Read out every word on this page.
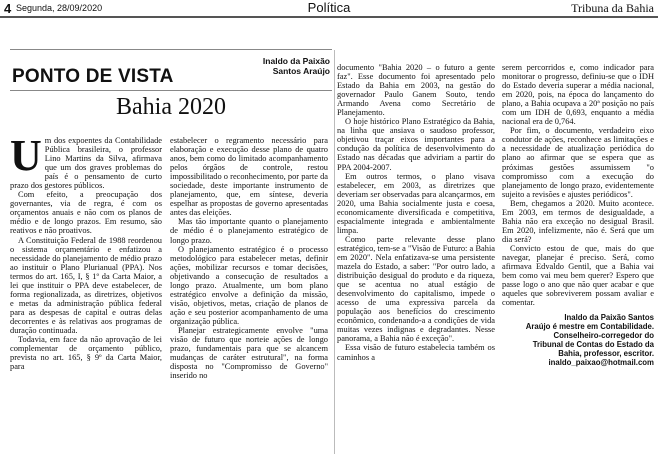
4 Segunda, 28/09/2020	Política	Tribuna da Bahia
PONTO DE VISTA
Inaldo da Paixão
Santos Araújo
Bahia 2020

Um dos expoentes da Contabilidade Pública brasileira, o professor Lino Martins da Silva, afirmava que um dos graves problemas do país é o pensamento de curto prazo dos gestores públicos.

Com efeito, a preocupação dos governantes, via de regra, é com os orçamentos anuais e não com os planos de médio e de longo prazos. Em resumo, são reativos e não proativos.

A Constituição Federal de 1988 reordenou o sistema orçamentário e enfatizou a necessidade do planejamento de médio prazo ao instituir o Plano Plurianual (PPA). Nos termos do art. 165, I, § 1º da Carta Maior, a lei que instituir o PPA deve estabelecer, de forma regionalizada, as diretrizes, objetivos e metas da administração pública federal para as despesas de capital e outras delas decorrentes e às relativas aos programas de duração continuada.

Todavia, em face da não aprovação de lei complementar de orçamento público, prevista no art. 165, § 9º da Carta Maior, para

estabelecer o regramento necessário para elaboração e execução desse plano de quatro anos, bem como do limitado acompanhamento pelos órgãos de controle, restou impossibilitado o reconhecimento, por parte da sociedade, deste importante instrumento de planejamento, que, em síntese, deveria espelhar as propostas de governo apresentadas antes das eleições.

Mas tão importante quanto o planejamento de médio é o planejamento estratégico de longo prazo.

O planejamento estratégico é o processo metodológico para estabelecer metas, definir ações, mobilizar recursos e tomar decisões, objetivando a consecução de resultados a longo prazo. Atualmente, um bom plano estratégico envolve a definição da missão, visão, objetivos, metas, criação de planos de ação e seu posterior acompanhamento de uma organização pública.

Planejar estrategicamente envolve "uma visão de futuro que norteie ações de longo prazo, fundamentais para que se alcancem mudanças de caráter estrutural", na forma disposta no "Compromisso de Governo" inserido no

documento "Bahia 2020 – o futuro a gente faz". Esse documento foi apresentado pelo Estado da Bahia em 2003, na gestão do governador Paulo Ganem Souto, tendo Armando Avena como Secretário de Planejamento.

O hoje histórico Plano Estratégico da Bahia, na linha que ansiava o saudoso professor, objetivou traçar eixos importantes para a condução da política de desenvolvimento do Estado nas décadas que adviriam a partir do PPA 2004-2007.

Em outros termos, o plano visava estabelecer, em 2003, as diretrizes que deveriam ser observadas para alcançarmos, em 2020, uma Bahia socialmente justa e coesa, economicamente diversificada e competitiva, espacialmente integrada e ambientalmente limpa.

Como parte relevante desse plano estratégico, tem-se a "Visão de Futuro: a Bahia em 2020". Nela enfatizava-se uma persistente mazela do Estado, a saber: "Por outro lado, a distribuição desigual do produto e da riqueza, que se acentua no atual estágio de desenvolvimento do capitalismo, impede o acesso de uma expressiva parcela da população aos benefícios do crescimento econômico, condenando-a a condições de vida muitas vezes indignas e degradantes. Nesse panorama, a Bahia não é exceção".

Essa visão de futuro estabelecia também os caminhos a

serem percorridos e, como indicador para monitorar o progresso, definiu-se que o IDH do Estado deveria superar a média nacional, em 2020, pois, na época do lançamento do plano, a Bahia ocupava a 20ª posição no país com um IDH de 0,693, enquanto a média nacional era de 0,764.

Por fim, o documento, verdadeiro eixo condutor de ações, reconhece as limitações e a necessidade de atualização periódica do plano ao afirmar que se espera que as próximas gestões assumissem "o compromisso com a execução do planejamento de longo prazo, evidentemente sujeito a revisões e ajustes periódicos".

Bem, chegamos a 2020. Muito acontece. Em 2003, em termos de desigualdade, a Bahia não era exceção no desigual Brasil. Em 2020, infelizmente, não é. Será que um dia será?

Convicto estou de que, mais do que navegar, planejar é preciso. Será, como afirmava Edvaldo Gentil, que a Bahia vai bem como vai meu bem querer? Espero que passe logo o ano que não quer acabar e que aqueles que sobreviverem possam avaliar e comentar.

Inaldo da Paixão Santos
Araújo é mestre em Contabilidade.
Conselheiro-corregedor do
Tribunal de Contas do Estado da
Bahia, professor, escritor.
inaldo_paixao@hotmail.com
